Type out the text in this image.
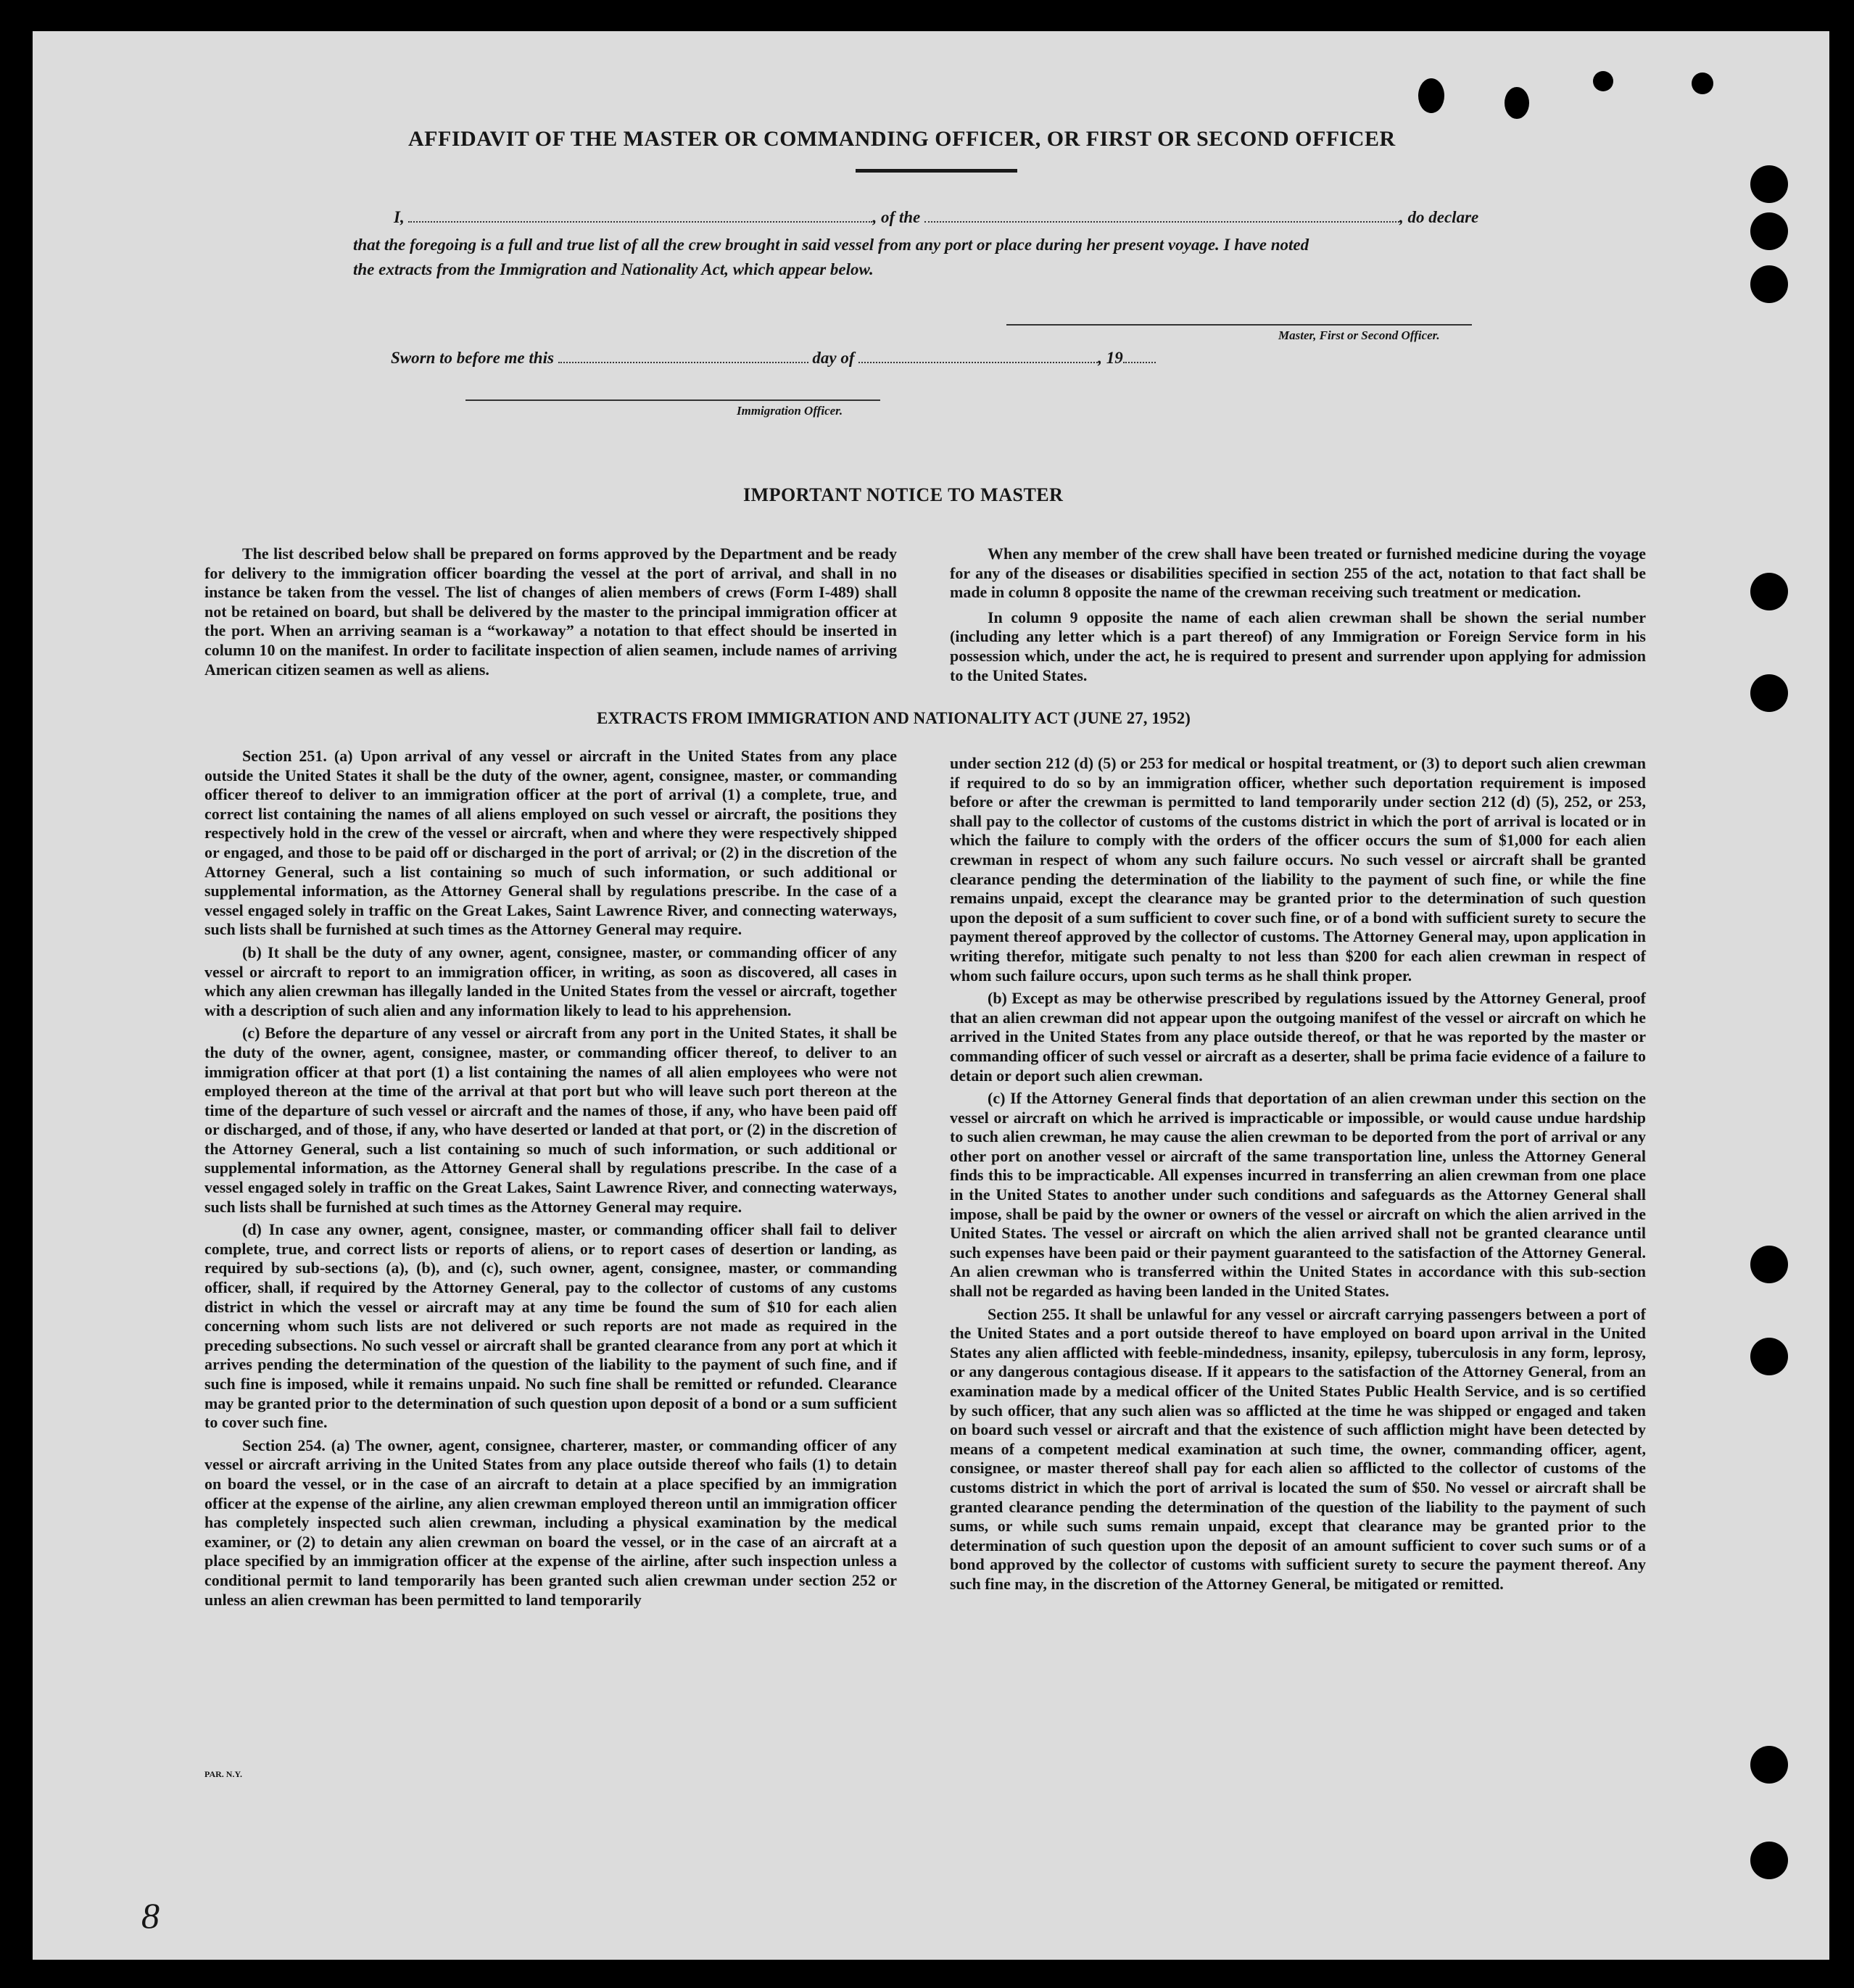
AFFIDAVIT OF THE MASTER OR COMMANDING OFFICER, OR FIRST OR SECOND OFFICER
I,	, of the	, do declare
that the foregoing is a full and true list of all the crew brought in said vessel from any port or place during her present voyage. I have noted
the extracts from the Immigration and Nationality Act, which appear below.
Master, First or Second Officer.
Sworn to before me this	day of	, 19
Immigration Officer.
IMPORTANT NOTICE TO MASTER

The list described below shall be prepared on forms approved by the Department and be ready for delivery to the immigration officer boarding the vessel at the port of arrival, and shall in no instance be taken from the vessel. The list of changes of alien members of crews (Form I-489) shall not be retained on board, but shall be delivered by the master to the principal immigration officer at the port. When an arriving seaman is a “workaway” a notation to that effect should be inserted in column 10 on the manifest. In order to facilitate inspection of alien seamen, include names of arriving American citizen seamen as well as aliens.

When any member of the crew shall have been treated or furnished medicine during the voyage for any of the diseases or disabilities specified in section 255 of the act, notation to that fact shall be made in column 8 opposite the name of the crewman receiving such treatment or medication.

In column 9 opposite the name of each alien crewman shall be shown the serial number (including any letter which is a part thereof) of any Immigration or Foreign Service form in his possession which, under the act, he is required to present and surrender upon applying for admission to the United States.

EXTRACTS FROM IMMIGRATION AND NATIONALITY ACT (JUNE 27, 1952)

Section 251. (a) Upon arrival of any vessel or aircraft in the United States from any place outside the United States it shall be the duty of the owner, agent, consignee, master, or commanding officer thereof to deliver to an immigration officer at the port of arrival (1) a complete, true, and correct list containing the names of all aliens employed on such vessel or aircraft, the positions they respectively hold in the crew of the vessel or aircraft, when and where they were respectively shipped or engaged, and those to be paid off or discharged in the port of arrival; or (2) in the discretion of the Attorney General, such a list containing so much of such information, or such additional or supplemental information, as the Attorney General shall by regulations prescribe. In the case of a vessel engaged solely in traffic on the Great Lakes, Saint Lawrence River, and connecting waterways, such lists shall be furnished at such times as the Attorney General may require.

(b) It shall be the duty of any owner, agent, consignee, master, or commanding officer of any vessel or aircraft to report to an immigration officer, in writing, as soon as discovered, all cases in which any alien crewman has illegally landed in the United States from the vessel or aircraft, together with a description of such alien and any information likely to lead to his apprehension.

(c) Before the departure of any vessel or aircraft from any port in the United States, it shall be the duty of the owner, agent, consignee, master, or commanding officer thereof, to deliver to an immigration officer at that port (1) a list containing the names of all alien employees who were not employed thereon at the time of the arrival at that port but who will leave such port thereon at the time of the departure of such vessel or aircraft and the names of those, if any, who have been paid off or discharged, and of those, if any, who have deserted or landed at that port, or (2) in the discretion of the Attorney General, such a list containing so much of such information, or such additional or supplemental information, as the Attorney General shall by regulations prescribe. In the case of a vessel engaged solely in traffic on the Great Lakes, Saint Lawrence River, and connecting waterways, such lists shall be furnished at such times as the Attorney General may require.

(d) In case any owner, agent, consignee, master, or commanding officer shall fail to deliver complete, true, and correct lists or reports of aliens, or to report cases of desertion or landing, as required by sub-sections (a), (b), and (c), such owner, agent, consignee, master, or commanding officer, shall, if required by the Attorney General, pay to the collector of customs of any customs district in which the vessel or aircraft may at any time be found the sum of $10 for each alien concerning whom such lists are not delivered or such reports are not made as required in the preceding subsections. No such vessel or aircraft shall be granted clearance from any port at which it arrives pending the determination of the question of the liability to the payment of such fine, and if such fine is imposed, while it remains unpaid. No such fine shall be remitted or refunded. Clearance may be granted prior to the determination of such question upon deposit of a bond or a sum sufficient to cover such fine.

Section 254. (a) The owner, agent, consignee, charterer, master, or commanding officer of any vessel or aircraft arriving in the United States from any place outside thereof who fails (1) to detain on board the vessel, or in the case of an aircraft to detain at a place specified by an immigration officer at the expense of the airline, any alien crewman employed thereon until an immigration officer has completely inspected such alien crewman, including a physical examination by the medical examiner, or (2) to detain any alien crewman on board the vessel, or in the case of an aircraft at a place specified by an immigration officer at the expense of the airline, after such inspection unless a conditional permit to land temporarily has been granted such alien crewman under section 252 or unless an alien crewman has been permitted to land temporarily

under section 212 (d) (5) or 253 for medical or hospital treatment, or (3) to deport such alien crewman if required to do so by an immigration officer, whether such deportation requirement is imposed before or after the crewman is permitted to land temporarily under section 212 (d) (5), 252, or 253, shall pay to the collector of customs of the customs district in which the port of arrival is located or in which the failure to comply with the orders of the officer occurs the sum of $1,000 for each alien crewman in respect of whom any such failure occurs. No such vessel or aircraft shall be granted clearance pending the determination of the liability to the payment of such fine, or while the fine remains unpaid, except the clearance may be granted prior to the determination of such question upon the deposit of a sum sufficient to cover such fine, or of a bond with sufficient surety to secure the payment thereof approved by the collector of customs. The Attorney General may, upon application in writing therefor, mitigate such penalty to not less than $200 for each alien crewman in respect of whom such failure occurs, upon such terms as he shall think proper.

(b) Except as may be otherwise prescribed by regulations issued by the Attorney General, proof that an alien crewman did not appear upon the outgoing manifest of the vessel or aircraft on which he arrived in the United States from any place outside thereof, or that he was reported by the master or commanding officer of such vessel or aircraft as a deserter, shall be prima facie evidence of a failure to detain or deport such alien crewman.

(c) If the Attorney General finds that deportation of an alien crewman under this section on the vessel or aircraft on which he arrived is impracticable or impossible, or would cause undue hardship to such alien crewman, he may cause the alien crewman to be deported from the port of arrival or any other port on another vessel or aircraft of the same transportation line, unless the Attorney General finds this to be impracticable. All expenses incurred in transferring an alien crewman from one place in the United States to another under such conditions and safeguards as the Attorney General shall impose, shall be paid by the owner or owners of the vessel or aircraft on which the alien arrived in the United States. The vessel or aircraft on which the alien arrived shall not be granted clearance until such expenses have been paid or their payment guaranteed to the satisfaction of the Attorney General. An alien crewman who is transferred within the United States in accordance with this sub-section shall not be regarded as having been landed in the United States.

Section 255. It shall be unlawful for any vessel or aircraft carrying passengers between a port of the United States and a port outside thereof to have employed on board upon arrival in the United States any alien afflicted with feeble-mindedness, insanity, epilepsy, tuberculosis in any form, leprosy, or any dangerous contagious disease. If it appears to the satisfaction of the Attorney General, from an examination made by a medical officer of the United States Public Health Service, and is so certified by such officer, that any such alien was so afflicted at the time he was shipped or engaged and taken on board such vessel or aircraft and that the existence of such affliction might have been detected by means of a competent medical examination at such time, the owner, commanding officer, agent, consignee, or master thereof shall pay for each alien so afflicted to the collector of customs of the customs district in which the port of arrival is located the sum of $50. No vessel or aircraft shall be granted clearance pending the determination of the question of the liability to the payment of such sums, or while such sums remain unpaid, except that clearance may be granted prior to the determination of such question upon the deposit of an amount sufficient to cover such sums or of a bond approved by the collector of customs with sufficient surety to secure the payment thereof. Any such fine may, in the discretion of the Attorney General, be mitigated or remitted.

PAR. N.Y.
8
